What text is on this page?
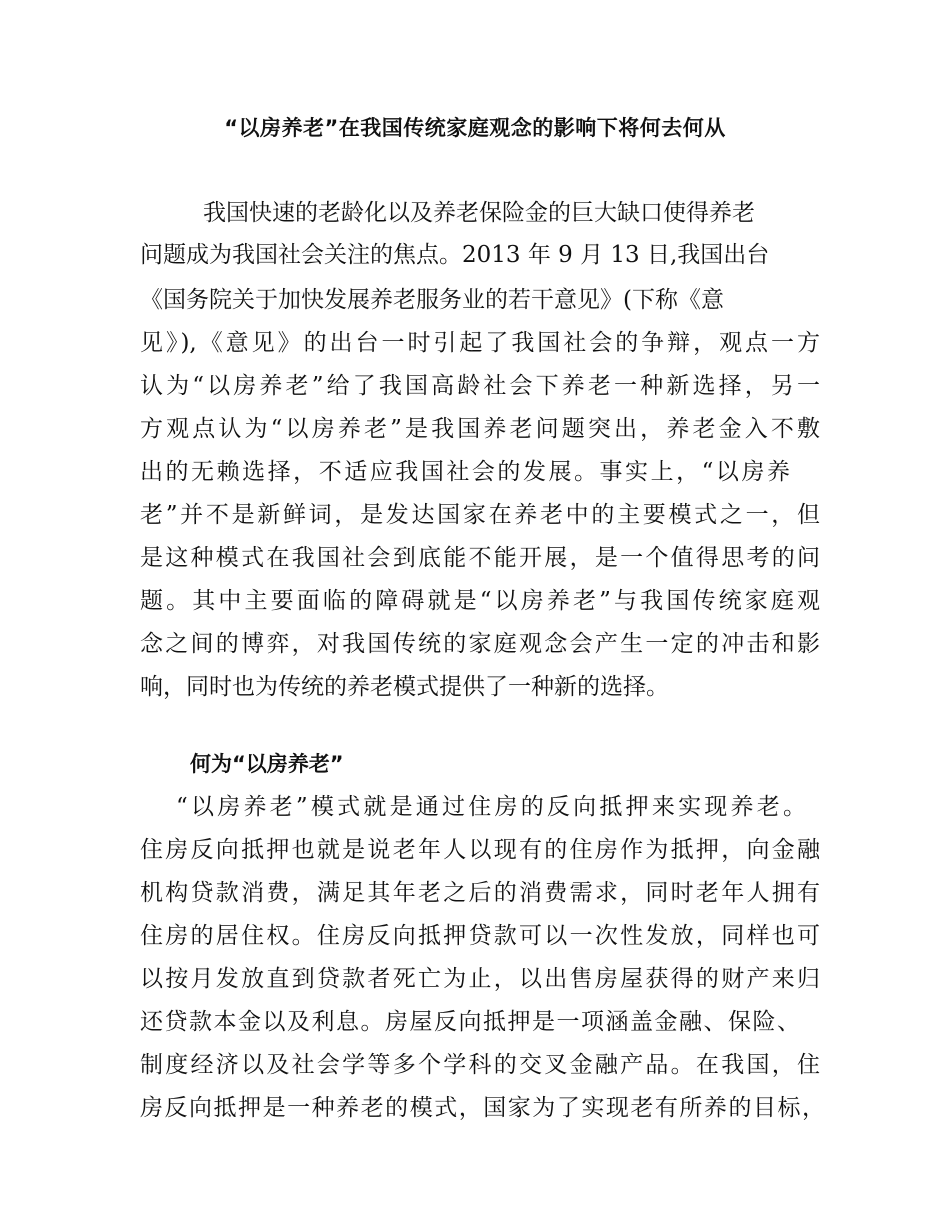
“以房养老”在我国传统家庭观念的影响下将何去何从
我国快速的老龄化以及养老保险金的巨大缺口使得养老
问题成为我国社会关注的焦点。2013 年 9 月 13 日,我国出台
《国务院关于加快发展养老服务业的若干意见》(下称《意
见》),《意见》的出台一时引起了我国社会的争辩，观点一方
认为“以房养老”给了我国高龄社会下养老一种新选择，另一
方观点认为“以房养老”是我国养老问题突出，养老金入不敷
出的无赖选择，不适应我国社会的发展。事实上，“以房养
老”并不是新鲜词，是发达国家在养老中的主要模式之一，但
是这种模式在我国社会到底能不能开展，是一个值得思考的问
题。其中主要面临的障碍就是“以房养老”与我国传统家庭观
念之间的博弈，对我国传统的家庭观念会产生一定的冲击和影
响，同时也为传统的养老模式提供了一种新的选择。
何为“以房养老”
“以房养老”模式就是通过住房的反向抵押来实现养老。
住房反向抵押也就是说老年人以现有的住房作为抵押，向金融
机构贷款消费，满足其年老之后的消费需求，同时老年人拥有
住房的居住权。住房反向抵押贷款可以一次性发放，同样也可
以按月发放直到贷款者死亡为止，以出售房屋获得的财产来归
还贷款本金以及利息。房屋反向抵押是一项涵盖金融、保险、
制度经济以及社会学等多个学科的交叉金融产品。在我国，住
房反向抵押是一种养老的模式，国家为了实现老有所养的目标，
